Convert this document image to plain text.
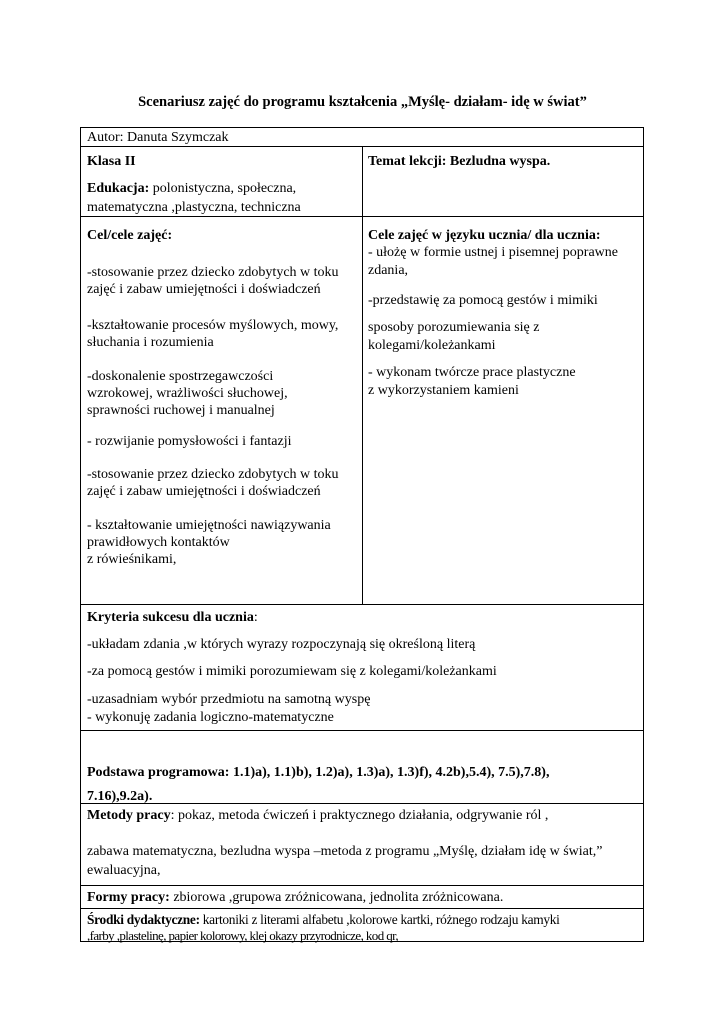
Scenariusz zajęć do programu kształcenia „Myślę- działam- idę w świat”
Autor: Danuta Szymczak
Klasa II
Edukacja: polonistyczna, społeczna,
matematyczna ,plastyczna, techniczna
Temat lekcji: Bezludna wyspa.
Cel/cele zajęć:
-stosowanie przez dziecko zdobytych w toku
zajęć i zabaw umiejętności i doświadczeń
-kształtowanie procesów myślowych, mowy,
słuchania i rozumienia
-doskonalenie spostrzegawczości
wzrokowej, wrażliwości słuchowej,
sprawności ruchowej i manualnej
- rozwijanie pomysłowości i fantazji
-stosowanie przez dziecko zdobytych w toku
zajęć i zabaw umiejętności i doświadczeń
- kształtowanie umiejętności nawiązywania
prawidłowych kontaktów
z rówieśnikami,
Cele zajęć w języku ucznia/ dla ucznia:
- ułożę w formie ustnej i pisemnej poprawne
zdania,
-przedstawię za pomocą gestów i mimiki
sposoby porozumiewania się z
kolegami/koleżankami
- wykonam twórcze prace plastyczne
z wykorzystaniem kamieni
Kryteria sukcesu dla ucznia:
-układam zdania ,w których wyrazy rozpoczynają się określoną literą
-za pomocą gestów i mimiki porozumiewam się z kolegami/koleżankami
-uzasadniam wybór przedmiotu na samotną wyspę
- wykonuję zadania logiczno-matematyczne
Podstawa programowa: 1.1)a), 1.1)b), 1.2)a), 1.3)a), 1.3)f), 4.2b),5.4), 7.5),7.8),
7.16),9.2a).
Metody pracy: pokaz, metoda ćwiczeń i praktycznego działania, odgrywanie ról ,
zabawa matematyczna, bezludna wyspa –metoda z programu „Myślę, działam idę w świat,”
ewaluacyjna,
Formy pracy: zbiorowa ,grupowa zróżnicowana, jednolita zróżnicowana.
Środki dydaktyczne: kartoniki z literami alfabetu ,kolorowe kartki, różnego rodzaju kamyki
,farby ,plastelinę, papier kolorowy, klej okazy przyrodnicze, kod qr,
